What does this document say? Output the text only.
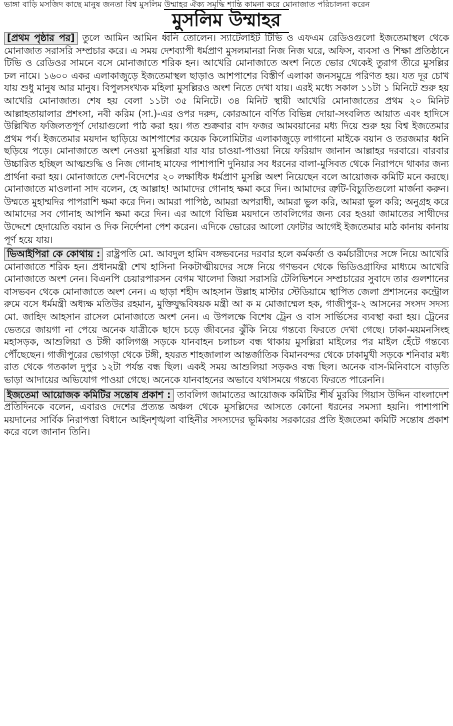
ভাঙ্গা বাড়ি মসজিদ কাছে মানুষ জনতা বিশ্ব মুসলিম উম্মাহর ঐক্য সমৃদ্ধি শান্তি কামনা করে মোনাজাত পরিচালনা করেন
মুসলিম উম্মাহর

[প্রথম পৃষ্ঠার পর] তুলে আমিন আমিন ধ্বনি তোলেন। স্যাটেলাইট টিভি ও এফএম রেডিওগুলো ইজতেমাস্থল থেকে মোনাজাত সরাসরি সম্প্রচার করে। এ সময় দেশব্যাপী ধর্মপ্রাণ মুসলমানরা নিজ নিজ ঘরে, অফিস, ব্যবসা ও শিক্ষা প্রতিষ্ঠানে টিভি ও রেডিওর সামনে বসে মোনাজাতে শরিক হন। আখেরি মোনাজাতে অংশ নিতে ভোর থেকেই তুরাগ তীরে মুসল্লির ঢল নামে। ১৬০০ একর এলাকাজুড়ে ইজতেমাস্থল ছাড়াও আশপাশের বিস্তীর্ণ এলাকা জনসমুদ্রে পরিণত হয়। যত দূর চোখ যায় শুধু মানুষ আর মানুষ। বিপুলসংখ্যক মহিলা মুসল্লিরও অংশ নিতে দেখা যায়। এরই মধ্যে সকাল ১১টা ১ মিনিটে শুরু হয় আখেরি মোনাজাত। শেষ হয় বেলা ১১টা ৩৫ মিনিটে। ৩৪ মিনিট স্থায়ী আখেরি মোনাজাতের প্রথম ২০ মিনিট আল্লাহতায়ালার প্রশংসা, নবী করিম (সা.)-এর ওপর দরুদ, কোরআনে বর্ণিত বিভিন্ন দোয়া-সংবলিত আয়াত এবং হাদিসে উল্লিখিত ফজিলতপূর্ণ দোয়াগুলো পাঠ করা হয়। গত শুক্রবার বাদ ফজর আমবয়ানের মধ্য দিয়ে শুরু হয় বিশ্ব ইজতেমার প্রথম পর্ব। ইজতেমার ময়দান ছাড়িয়ে আশপাশের কয়েক কিলোমিটার এলাকাজুড়ে লাগানো মাইকে বয়ান ও তরজমার ধ্বনি ছড়িয়ে পড়ে। মোনাজাতে অংশ নেওয়া মুসল্লিরা যার যার চাওয়া-পাওয়া নিয়ে ফরিয়াদ জানান আল্লাহর দরবারে। বারবার উচ্চারিত হচ্ছিল আত্মশুদ্ধি ও নিজ গোনাহ মাফের পাশাপাশি দুনিয়ার সব ধরনের বালা-মুসিবত থেকে নিরাপদে থাকার জন্য প্রার্থনা করা হয়। মোনাজাতে দেশ-বিদেশের ২০ লক্ষাধিক ধর্মপ্রাণ মুসল্লি অংশ নিয়েছেন বলে আয়োজক কমিটি মনে করছে। মোনাজাতে মাওলানা সাদ বলেন, হে আল্লাহ! আমাদের গোনাহ ক্ষমা করে দিন। আমাদের ত্রুটি-বিচ্যুতিগুলো মার্জনা করুন। উম্মতে মুহাম্মদির পাপরাশি ক্ষমা করে দিন। আমরা পাপিষ্ঠ, আমরা অপরাধী, আমরা ভুল করি, আমরা ভুল করি; অনুগ্রহ করে আমাদের সব গোনাহ আপনি ক্ষমা করে দিন। এর আগে বিভিন্ন ময়দানে তাবলিগের জন্য বের হওয়া জামাতের সাথীদের উদ্দেশে হেদায়েতি বয়ান ও দিক নির্দেশনা পেশ করেন। এদিকে ভোরের আলো ফোটার আগেই ইজতেমার মাঠ কানায় কানায় পূর্ণ হয়ে যায়।

ভিআইপিরা কে কোথায় : রাষ্ট্রপতি মো. আবদুল হামিদ বঙ্গভবনের দরবার হলে কর্মকর্তা ও কর্মচারীদের সঙ্গে নিয়ে আখেরি মোনাজাতে শরিক হন। প্রধানমন্ত্রী শেখ হাসিনা নিকটাত্মীয়দের সঙ্গে নিয়ে গণভবন থেকে ভিডিওগ্রাফির মাধ্যমে আখেরি মোনাজাতে অংশ নেন। বিএনপি চেয়ারপারসন বেগম খালেদা জিয়া সরাসরি টেলিভিশনে সম্প্রচারের সুবাদে তার গুলশানের বাসভবন থেকে মোনাজাতে অংশ নেন। এ ছাড়া শহীদ আহসান উল্লাহ মাস্টার স্টেডিয়ামে স্থাপিত জেলা প্রশাসনের কন্ট্রোল রুমে বসে ধর্মমন্ত্রী অধ্যক্ষ মতিউর রহমান, মুক্তিযুদ্ধবিষয়ক মন্ত্রী আ ক ম মোজাম্মেল হক, গাজীপুর-২ আসনের সংসদ সদস্য মো. জাহিদ আহসান রাসেল মোনাজাতে অংশ নেন। এ উপলক্ষে বিশেষ ট্রেন ও বাস সার্ভিসের ব্যবস্থা করা হয়। ট্রেনের ভেতরে জায়গা না পেয়ে অনেক যাত্রীকে ছাদে চড়ে জীবনের ঝুঁকি নিয়ে গন্তব্যে ফিরতে দেখা গেছে। ঢাকা-ময়মনসিংহ মহাসড়ক, আশুলিয়া ও টঙ্গী কালিগঞ্জ সড়কে যানবাহন চলাচল বন্ধ থাকায় মুসল্লিরা মাইলের পর মাইল হেঁটে গন্তব্যে পৌঁছেছেন। গাজীপুরের ভোগড়া থেকে টঙ্গী, হযরত শাহজালাল আন্তর্জাতিক বিমানবন্দর থেকে ঢাকামুখী সড়কে শনিবার মধ্য রাত থেকে গতকাল দুপুর ১২টা পর্যন্ত বন্ধ ছিল। একই সময় আশুলিয়া সড়কও বন্ধ ছিল। অনেক বাস-মিনিবাসে বাড়তি ভাড়া আদায়ের অভিযোগ পাওয়া গেছে। অনেকে যানবাহনের অভাবে যথাসময়ে গন্তব্যে ফিরতে পারেননি।

ইজতেমা আয়োজক কমিটির সন্তোষ প্রকাশ : তাবলিগ জামাতের আয়োজক কমিটির শীর্ষ মুরব্বি গিয়াস উদ্দিন বাংলাদেশ প্রতিদিনকে বলেন, এবারও দেশের প্রত্যন্ত অঞ্চল থেকে মুসল্লিদের আসতে কোনো ধরনের সমস্যা হয়নি। পাশাপাশি ময়দানের সার্বিক নিরাপত্তা বিধানে আইনশৃঙ্খলা বাহিনীর সদস্যদের ভূমিকায় সরকারের প্রতি ইজতেমা কমিটি সন্তোষ প্রকাশ করে বলে জানান তিনি।
